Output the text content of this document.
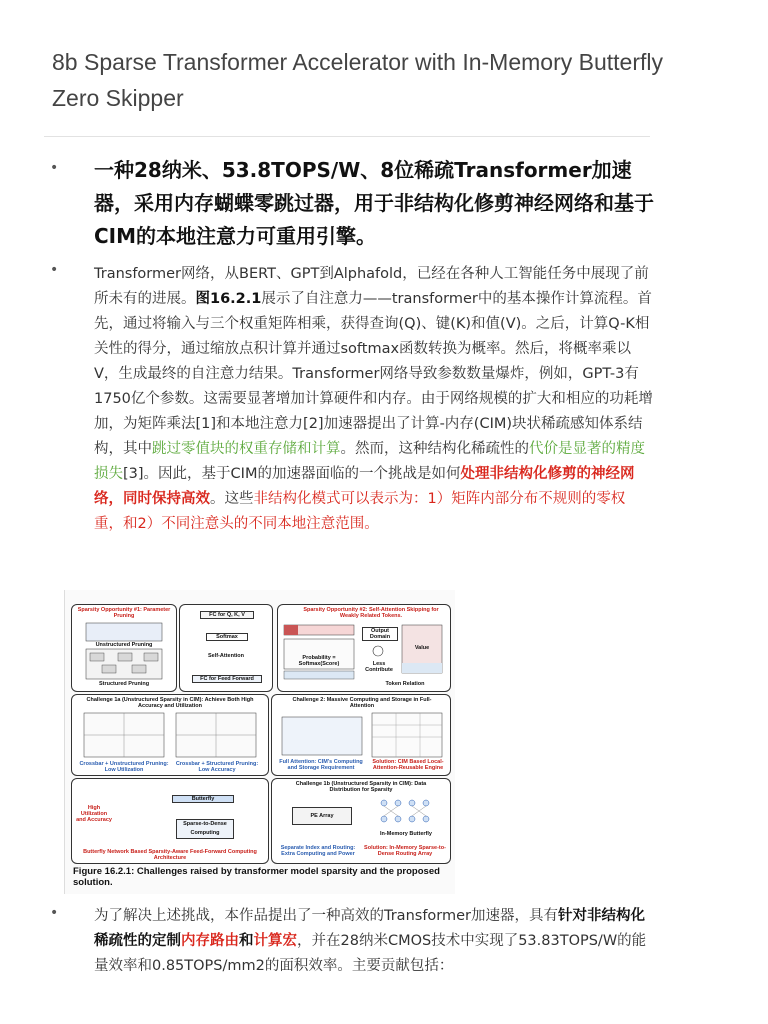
8b Sparse Transformer Accelerator with In-Memory Butterfly Zero Skipper
• 一种28纳米、53.8TOPS/W、8位稀疏Transformer加速器，采用内存蝴蝶零跳过器，用于非结构化修剪神经网络和基于CIM的本地注意力可重用引擎。
• Transformer网络，从BERT、GPT到Alphafold，已经在各种人工智能任务中展现了前所未有的进展。图16.2.1展示了自注意力——transformer中的基本操作计算流程。首先，通过将输入与三个权重矩阵相乘，获得查询(Q)、键(K)和值(V)。之后，计算Q-K相关性的得分，通过缩放点积计算并通过softmax函数转换为概率。然后，将概率乘以V，生成最终的自注意力结果。Transformer网络导致参数数量爆炸，例如，GPT-3有1750亿个参数。这需要显著增加计算硬件和内存。由于网络规模的扩大和相应的功耗增加，为矩阵乘法[1]和本地注意力[2]加速器提出了计算-内存(CIM)块状稀疏感知体系结构，其中跳过零值块的权重存储和计算。然而，这种结构化稀疏性的代价是显著的精度损失[3]。因此，基于CIM的加速器面临的一个挑战是如何处理非结构化修剪的神经网络，同时保持高效。这些非结构化模式可以表示为：1）矩阵内部分布不规则的零权重，和2）不同注意头的不同本地注意范围。
Sparsity Opportunity #1: Parameter Pruning
Unstructured Pruning
Structured Pruning
FC for Q, K, V
Softmax
Self-Attention
FC for Feed Forward
Sparsity Opportunity #2: Self-Attention Skipping for Weakly Related Tokens.
Probability = Softmax(Score)
Output Domain
Value
Less Contribute
Token Relation
Challenge 1a (Unstructured Sparsity in CIM): Achieve Both High Accuracy and Utilization
Crossbar + Unstructured Pruning: Low Utilization
Crossbar + Structured Pruning: Low Accuracy
Challenge 2: Massive Computing and Storage in Full-Attention
Full Attention: CIM's Computing and Storage Requirement
Solution: CIM Based Local-Attention-Reusable Engine
High Utilization and Accuracy
Butterfly
Sparse-to-Dense Computing
Butterfly Network Based Sparsity-Aware Feed-Forward Computing Architecture
Challenge 1b (Unstructured Sparsity in CIM): Data Distribution for Sparsity
PE Array
In-Memory Butterfly
Separate Index and Routing: Extra Computing and Power
Solution: In-Memory Sparse-to-Dense Routing Array
Figure 16.2.1: Challenges raised by transformer model sparsity and the proposed solution.
• 为了解决上述挑战，本作品提出了一种高效的Transformer加速器，具有针对非结构化稀疏性的定制内存路由和计算宏，并在28纳米CMOS技术中实现了53.83TOPS/W的能量效率和0.85TOPS/mm2的面积效率。主要贡献包括：
